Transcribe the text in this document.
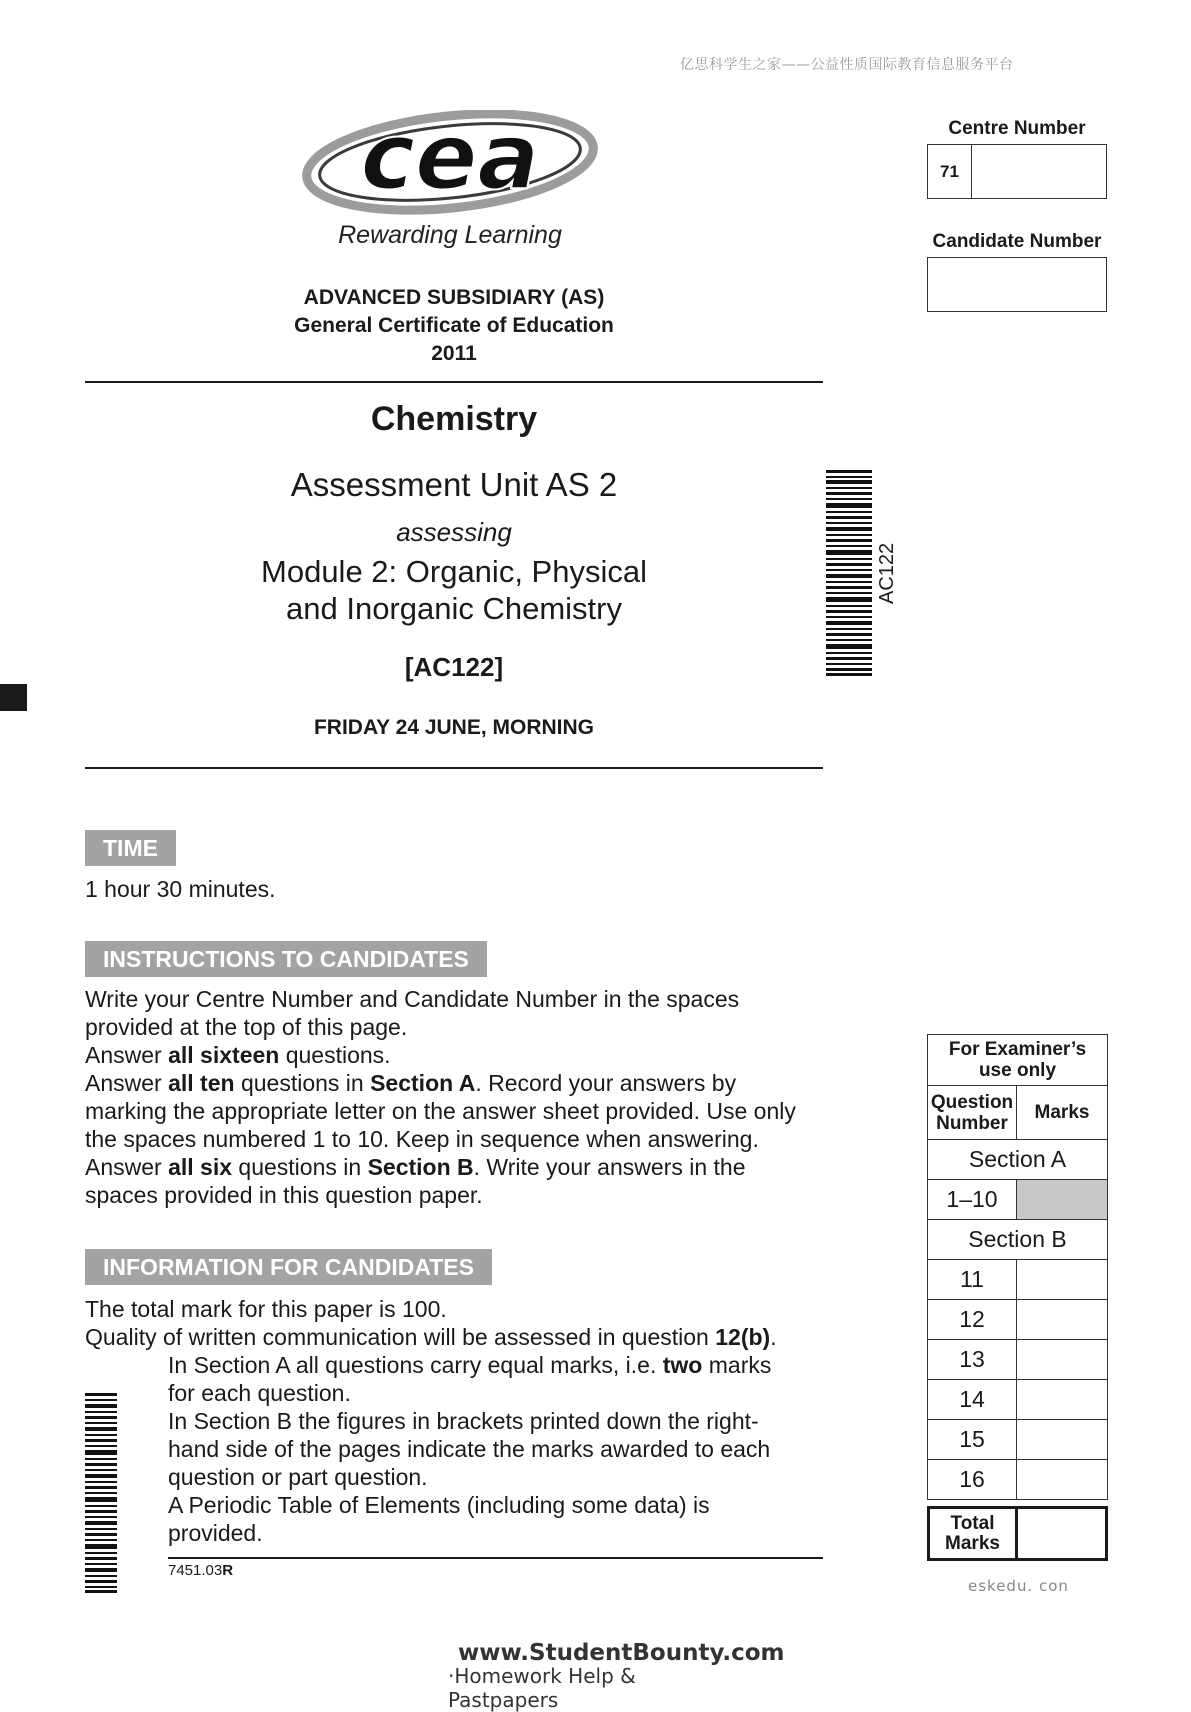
亿思科学生之家——公益性质国际教育信息服务平台
cea
Rewarding Learning
ADVANCED SUBSIDIARY (AS)
General Certificate of Education
2011
Chemistry
Assessment Unit AS 2
assessing
Module 2: Organic, Physical
and Inorganic Chemistry
[AC122]
FRIDAY 24 JUNE, MORNING
AC122
Centre Number
71
Candidate Number
TIME
1 hour 30 minutes.
INSTRUCTIONS TO CANDIDATES

Write your Centre Number and Candidate Number in the spaces

provided at the top of this page.

Answer all sixteen questions.

Answer all ten questions in Section A. Record your answers by

marking the appropriate letter on the answer sheet provided. Use only

the spaces numbered 1 to 10. Keep in sequence when answering.

Answer all six questions in Section B. Write your answers in the

spaces provided in this question paper.

INFORMATION FOR CANDIDATES

The total mark for this paper is 100.

Quality of written communication will be assessed in question 12(b).

In Section A all questions carry equal marks, i.e. two marks

for each question.

In Section B the figures in brackets printed down the right-

hand side of the pages indicate the marks awarded to each

question or part question.

A Periodic Table of Elements (including some data) is

provided.

7451.03R
For Examiner’s
use only
Question
Number
Marks
Section A
1–10
Section B
11
12
13
14
15
16
Total
Marks
eskedu. con
www.StudentBounty.com
·Homework Help & Pastpapers
